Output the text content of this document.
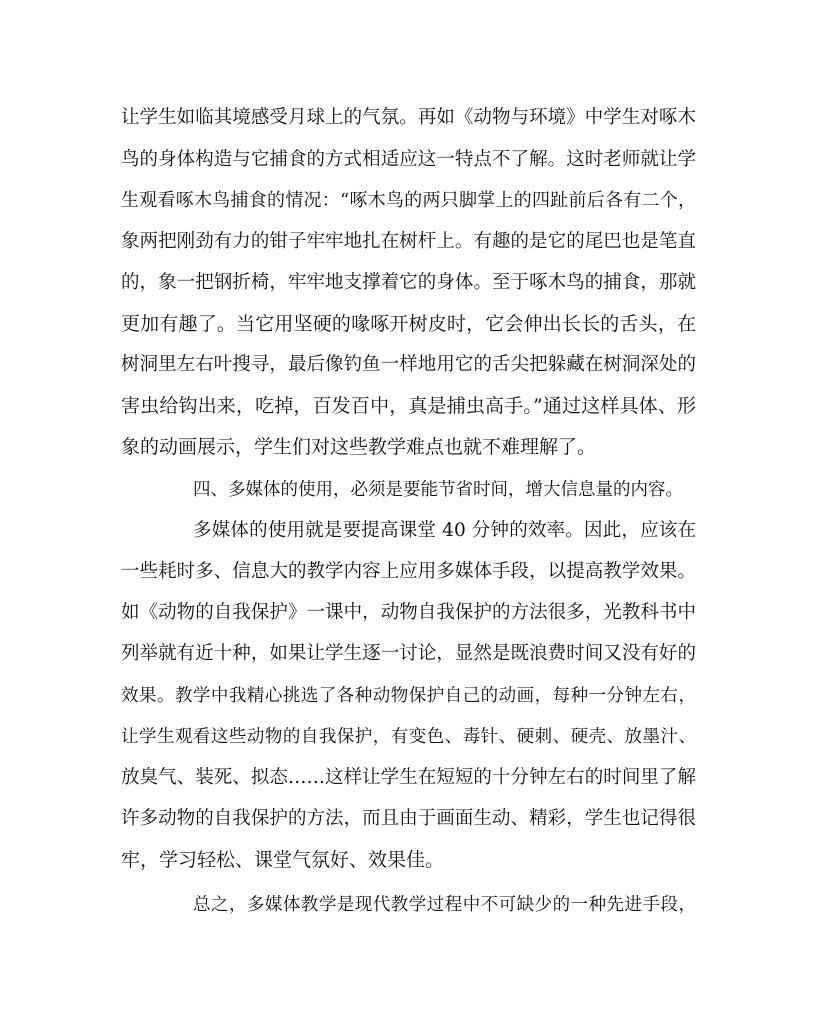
让学生如临其境感受月球上的气氛。再如《动物与环境》中学生对啄木
鸟的身体构造与它捕食的方式相适应这一特点不了解。这时老师就让学
生观看啄木鸟捕食的情况：“啄木鸟的两只脚掌上的四趾前后各有二个，
象两把刚劲有力的钳子牢牢地扎在树杆上。有趣的是它的尾巴也是笔直
的，象一把钢折椅，牢牢地支撑着它的身体。至于啄木鸟的捕食，那就
更加有趣了。当它用坚硬的喙啄开树皮时，它会伸出长长的舌头，在
树洞里左右叶搜寻，最后像钓鱼一样地用它的舌尖把躲藏在树洞深处的
害虫给钩出来，吃掉，百发百中，真是捕虫高手。”通过这样具体、形
象的动画展示，学生们对这些教学难点也就不难理解了。
四、多媒体的使用，必须是要能节省时间，增大信息量的内容。
多媒体的使用就是要提高课堂 40 分钟的效率。因此，应该在
一些耗时多、信息大的教学内容上应用多媒体手段，以提高教学效果。
如《动物的自我保护》一课中，动物自我保护的方法很多，光教科书中
列举就有近十种，如果让学生逐一讨论，显然是既浪费时间又没有好的
效果。教学中我精心挑选了各种动物保护自己的动画，每种一分钟左右，
让学生观看这些动物的自我保护，有变色、毒针、硬刺、硬壳、放墨汁、
放臭气、装死、拟态……这样让学生在短短的十分钟左右的时间里了解
许多动物的自我保护的方法，而且由于画面生动、精彩，学生也记得很
牢，学习轻松、课堂气氛好、效果佳。
总之，多媒体教学是现代教学过程中不可缺少的一种先进手段，
